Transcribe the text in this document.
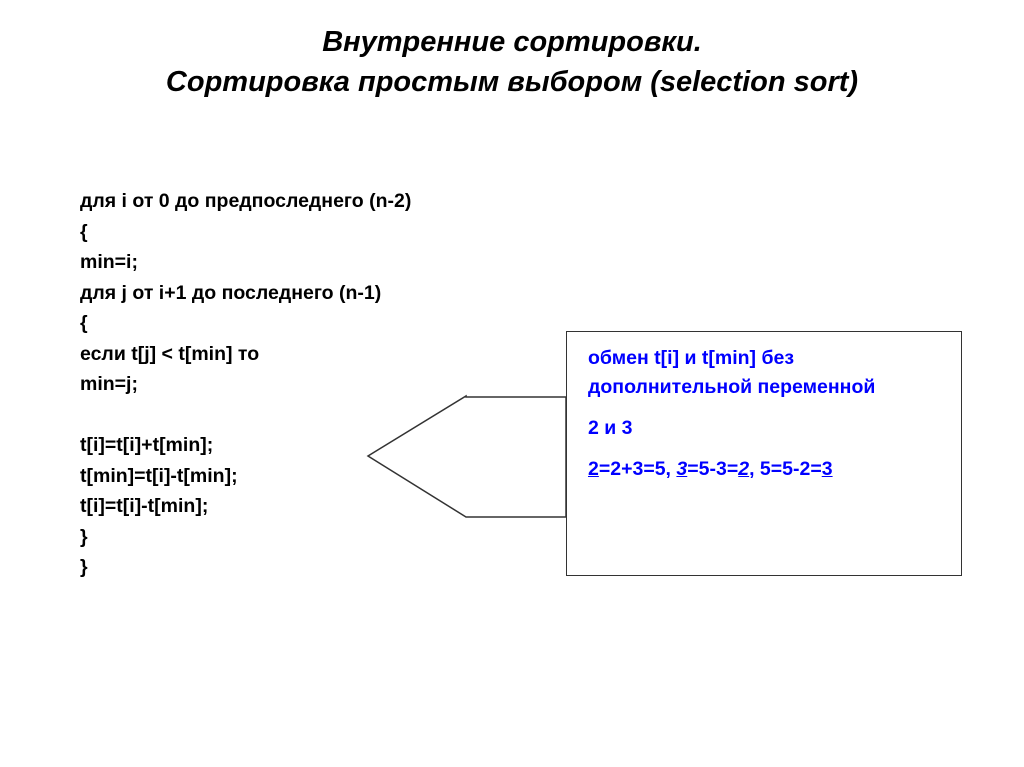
Внутренние сортировки.
Сортировка простым выбором (selection sort)
для i от 0 до предпоследнего (n-2)
{
min=i;
для j от i+1 до последнего (n-1)
{
если t[j] < t[min] то
min=j;
t[i]=t[i]+t[min];
t[min]=t[i]-t[min];
t[i]=t[i]-t[min];
}
}

обмен t[i] и t[min] без дополнительной переменной

2 и 3

2=2+3=5, 3=5-3=2, 5=5-2=3
